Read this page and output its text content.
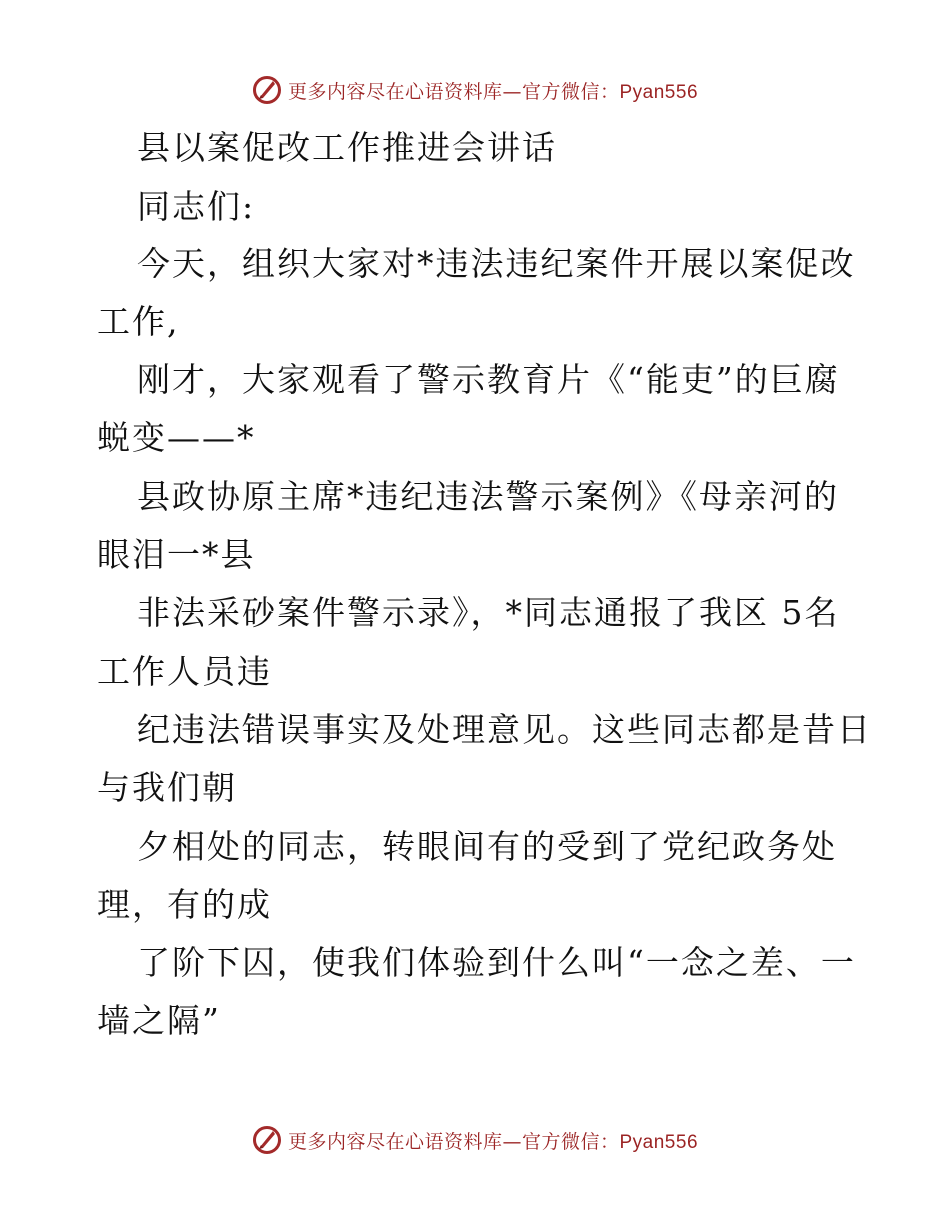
更多内容尽在心语资料库—官方微信：Pyan556
县以案促改工作推进会讲话
同志们:
今天，组织大家对*违法违纪案件开展以案促改
工作,
刚才，大家观看了警示教育片《“能吏”的巨腐
蜕变——*
县政协原主席*违纪违法警示案例》《母亲河的
眼泪一*县
非法采砂案件警示录》，*同志通报了我区 5名
工作人员违
纪违法错误事实及处理意见。这些同志都是昔日
与我们朝
夕相处的同志，转眼间有的受到了党纪政务处
理，有的成
了阶下囚，使我们体验到什么叫“一念之差、一
墙之隔”
更多内容尽在心语资料库—官方微信：Pyan556
